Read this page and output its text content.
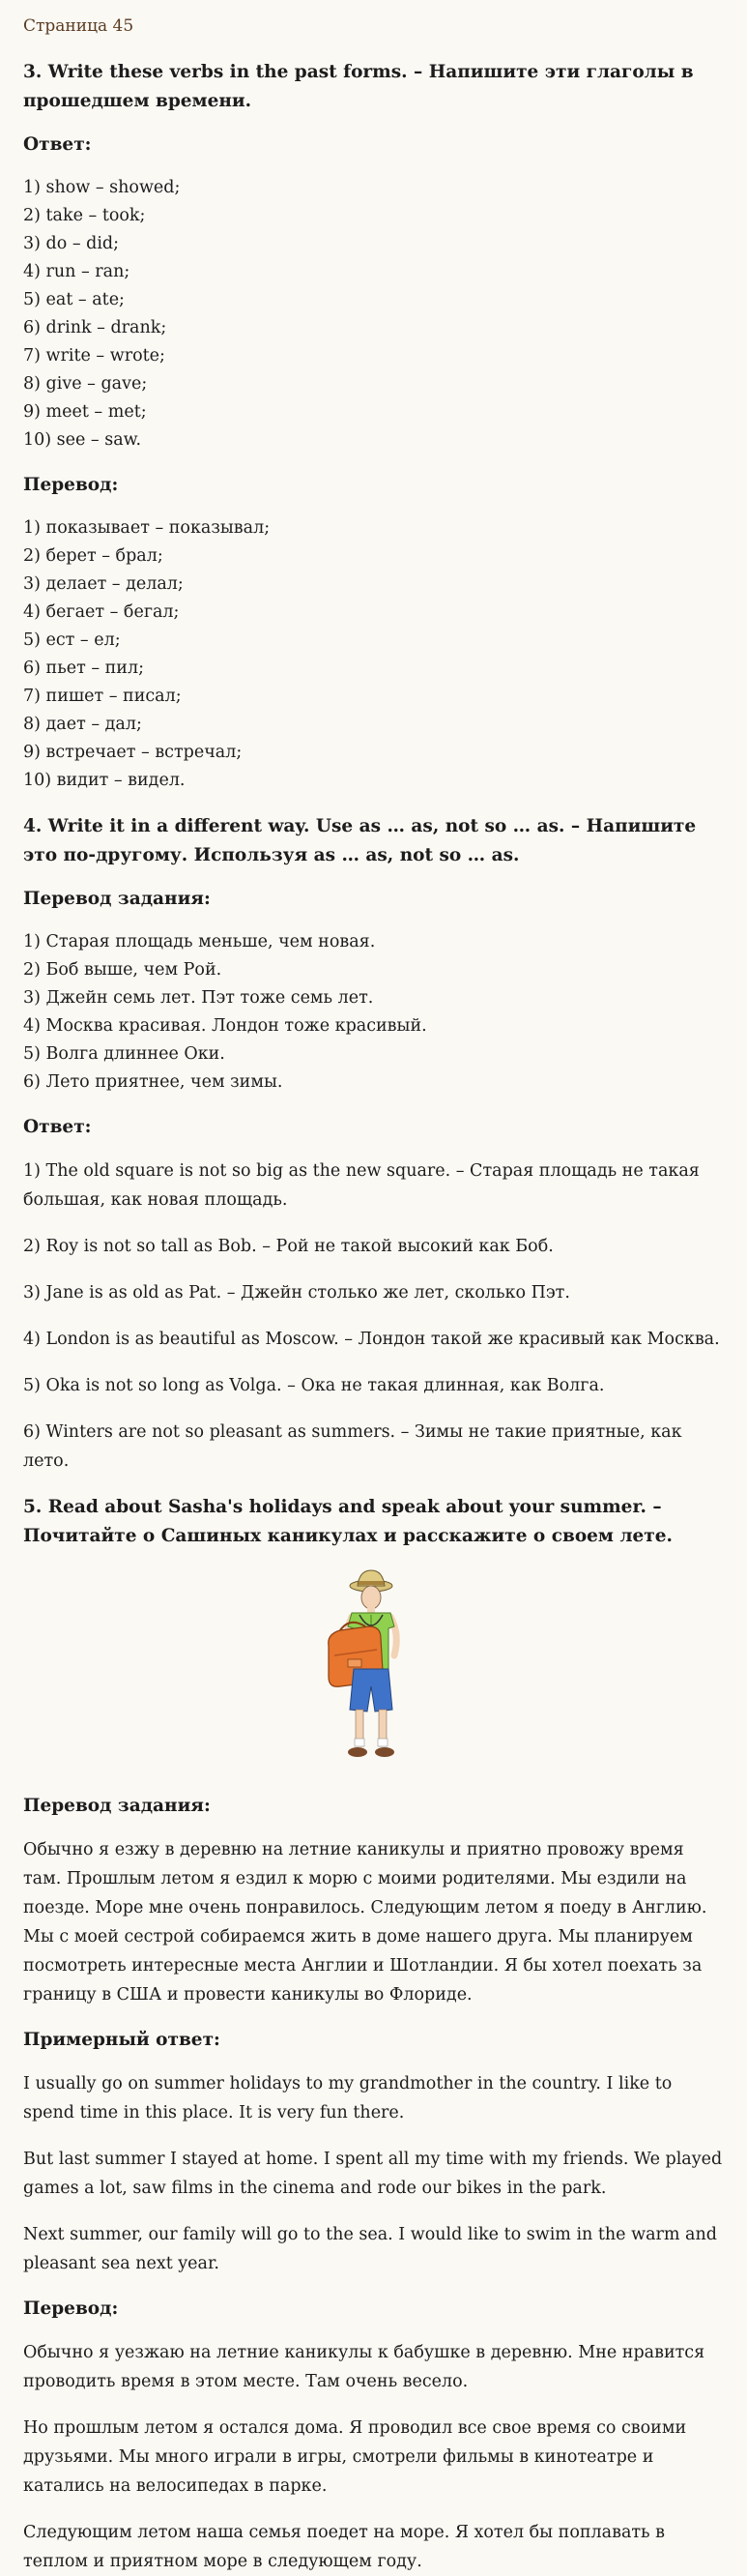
Страница 45
3. Write these verbs in the past forms. – Напишите эти глаголы в прошедшем времени.
Ответ:
1) show – showed;
2) take – took;
3) do – did;
4) run – ran;
5) eat – ate;
6) drink – drank;
7) write – wrote;
8) give – gave;
9) meet – met;
10) see – saw.
Перевод:
1) показывает – показывал;
2) берет – брал;
3) делает – делал;
4) бегает – бегал;
5) ест – ел;
6) пьет – пил;
7) пишет – писал;
8) дает – дал;
9) встречает – встречал;
10) видит – видел.
4. Write it in a different way. Use as … as, not so … as. – Напишите это по-другому. Используя as … as, not so … as.
Перевод задания:
1) Старая площадь меньше, чем новая.
2) Боб выше, чем Рой.
3) Джейн семь лет. Пэт тоже семь лет.
4) Москва красивая. Лондон тоже красивый.
5) Волга длиннее Оки.
6) Лето приятнее, чем зимы.
Ответ:

1) The old square is not so big as the new square. – Старая площадь не такая большая, как новая площадь.

2) Roy is not so tall as Bob. – Рой не такой высокий как Боб.

3) Jane is as old as Pat. – Джейн столько же лет, сколько Пэт.

4) London is as beautiful as Moscow. – Лондон такой же красивый как Москва.

5) Oka is not so long as Volga. – Ока не такая длинная, как Волга.

6) Winters are not so pleasant as summers. – Зимы не такие приятные, как лето.

5. Read about Sasha's holidays and speak about your summer. – Почитайте о Сашиных каникулах и расскажите о своем лете.
Перевод задания:

Обычно я езжу в деревню на летние каникулы и приятно провожу время там. Прошлым летом я ездил к морю с моими родителями. Мы ездили на поезде. Море мне очень понравилось. Следующим летом я поеду в Англию. Мы с моей сестрой собираемся жить в доме нашего друга. Мы планируем посмотреть интересные места Англии и Шотландии. Я бы хотел поехать за границу в США и провести каникулы во Флориде.

Примерный ответ:

I usually go on summer holidays to my grandmother in the country. I like to spend time in this place. It is very fun there.

But last summer I stayed at home. I spent all my time with my friends. We played games a lot, saw films in the cinema and rode our bikes in the park.

Next summer, our family will go to the sea. I would like to swim in the warm and pleasant sea next year.

Перевод:

Обычно я уезжаю на летние каникулы к бабушке в деревню. Мне нравится проводить время в этом месте. Там очень весело.

Но прошлым летом я остался дома. Я проводил все свое время со своими друзьями. Мы много играли в игры, смотрели фильмы в кинотеатре и катались на велосипедах в парке.

Следующим летом наша семья поедет на море. Я хотел бы поплавать в теплом и приятном море в следующем году.
